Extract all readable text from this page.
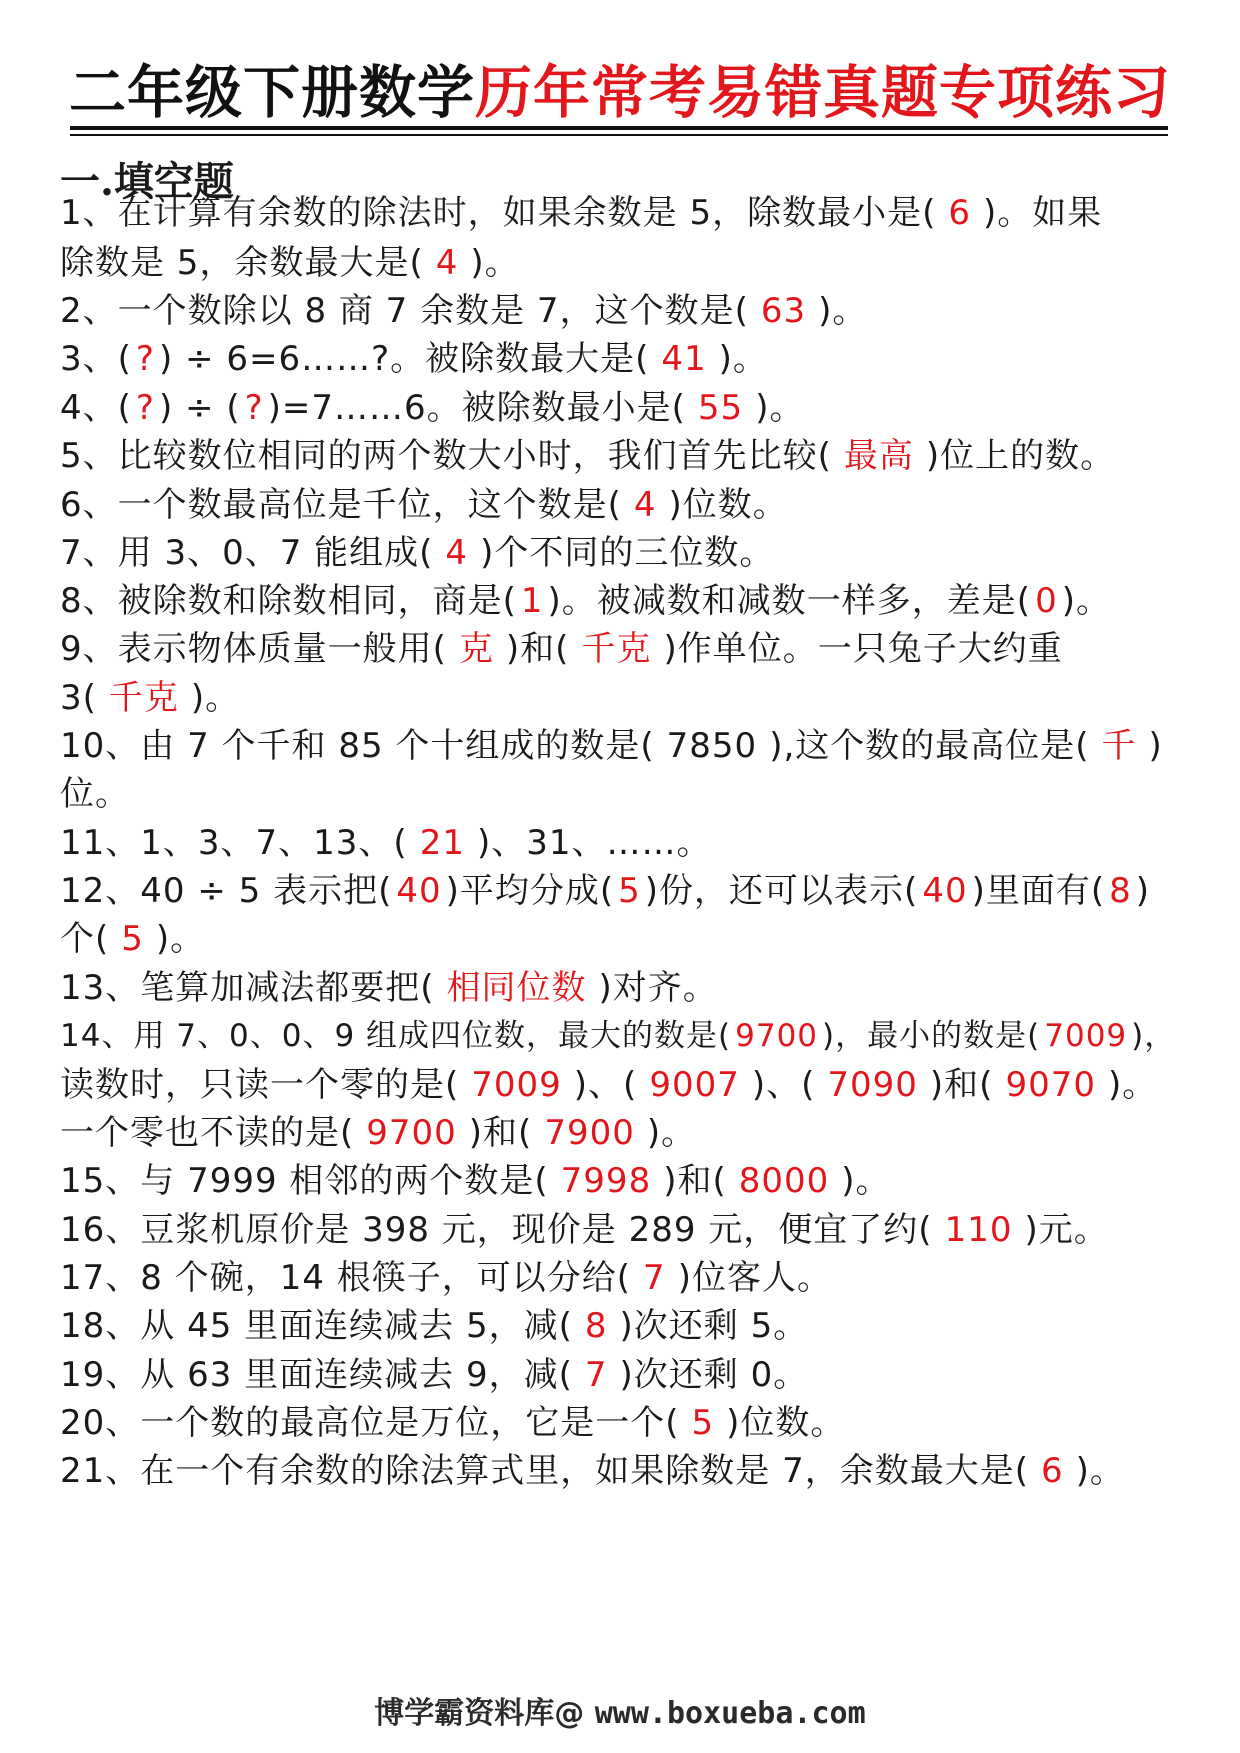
二年级下册数学历年常考易错真题专项练习
一.填空题
1、在计算有余数的除法时，如果余数是 5，除数最小是( 6 )。如果
除数是 5，余数最大是( 4 )。
2、一个数除以 8 商 7 余数是 7，这个数是( 63 )。
3、( ? ) ÷ 6=6……?。被除数最大是( 41 )。
4、( ? ) ÷ ( ? )=7……6。被除数最小是( 55 )。
5、比较数位相同的两个数大小时，我们首先比较( 最高 )位上的数。
6、一个数最高位是千位，这个数是( 4 )位数。
7、用 3、0、7 能组成( 4 )个不同的三位数。
8、被除数和除数相同，商是( 1 )。被减数和减数一样多，差是( 0 )。
9、表示物体质量一般用( 克 )和( 千克 )作单位。一只兔子大约重
3( 千克 )。
10、由 7 个千和 85 个十组成的数是( 7850 ),这个数的最高位是( 千 )
位。
11、1、3、7、13、( 21 )、31、……。
12、40 ÷ 5 表示把( 40 )平均分成( 5 )份，还可以表示( 40 )里面有( 8 )
个( 5 )。
13、笔算加减法都要把( 相同位数 )对齐。
14、用 7、0、0、9 组成四位数，最大的数是( 9700 )，最小的数是( 7009 )，
读数时，只读一个零的是( 7009 )、( 9007 )、( 7090 )和( 9070 )。
一个零也不读的是( 9700 )和( 7900 )。
15、与 7999 相邻的两个数是( 7998 )和( 8000 )。
16、豆浆机原价是 398 元，现价是 289 元，便宜了约( 110 )元。
17、8 个碗，14 根筷子，可以分给( 7 )位客人。
18、从 45 里面连续减去 5，减( 8 )次还剩 5。
19、从 63 里面连续减去 9，减( 7 )次还剩 0。
20、一个数的最高位是万位，它是一个( 5 )位数。
21、在一个有余数的除法算式里，如果除数是 7，余数最大是( 6 )。
博学霸资料库@ www.boxueba.com
